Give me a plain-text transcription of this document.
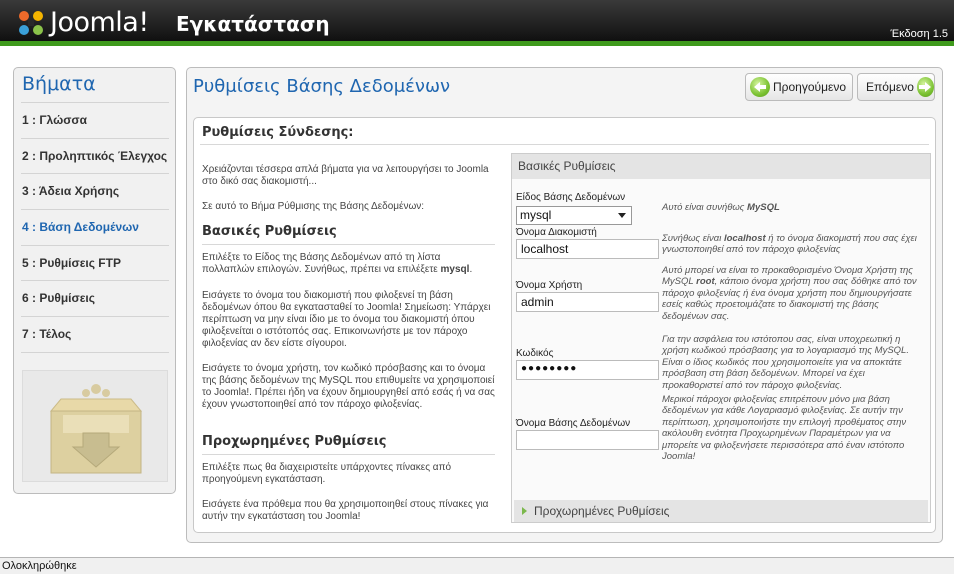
Joomla! Εγκατάσταση	Έκδοση 1.5
Βήματα
1 : Γλώσσα
2 : Προληπτικός Έλεγχος
3 : Άδεια Χρήσης
4 : Βάση Δεδομένων
5 : Ρυθμίσεις FTP
6 : Ρυθμίσεις
7 : Τέλος
Ρυθμίσεις Βάσης Δεδομένων	Προηγούμενο Επόμενο
Ρυθμίσεις Σύνδεσης:
Χρειάζονται τέσσερα απλά βήματα για να λειτουργήσει το Joomla στο δικό σας διακομιστή...
Σε αυτό το Βήμα Ρύθμισης της Βάσης Δεδομένων:
Βασικές Ρυθμίσεις
Επιλέξτε το Είδος της Βάσης Δεδομένων από τη λίστα πολλαπλών επιλογών. Συνήθως, πρέπει να επιλέξετε mysql.
Εισάγετε το όνομα του διακομιστή που φιλοξενεί τη βάση δεδομένων όπου θα εγκατασταθεί το Joomla! Σημείωση: Υπάρχει περίπτωση να μην είναι ίδιο με το όνομα του διακομιστή όπου φιλοξενείται ο ιστότοπός σας. Επικοινωνήστε με τον πάροχο φιλοξενίας αν δεν είστε σίγουροι.
Εισάγετε το όνομα χρήστη, τον κωδικό πρόσβασης και το όνομα της βάσης δεδομένων της MySQL που επιθυμείτε να χρησιμοποιεί το Joomla!. Πρέπει ήδη να έχουν δημιουργηθεί από εσάς ή να σας έχουν γνωστοποιηθεί από τον πάροχο φιλοξενίας.
Προχωρημένες Ρυθμίσεις
Επιλέξτε πως θα διαχειριστείτε υπάρχοντες πίνακες από προηγούμενη εγκατάσταση.
Εισάγετε ένα πρόθεμα που θα χρησιμοποιηθεί στους πίνακες για αυτήν την εγκατάσταση του Joomla!
Βασικές Ρυθμίσεις
Είδος Βάσης Δεδομένων
mysql
Αυτό είναι συνήθως MySQL
Όνομα Διακομιστή
localhost
Συνήθως είναι localhost ή το όνομα διακομιστή που σας έχει γνωστοποιηθεί από τον πάροχο φιλοξενίας
Όνομα Χρήστη
admin
Αυτό μπορεί να είναι το προκαθορισμένο Όνομα Χρήστη της MySQL root, κάποιο όνομα χρήστη που σας δόθηκε από τον πάροχο φιλοξενίας ή ένα όνομα χρήστη που δημιουργήσατε εσείς καθώς προετοιμάζατε το διακομιστή της βάσης δεδομένων σας.
Κωδικός
●●●●●●●●
Για την ασφάλεια του ιστότοπου σας, είναι υποχρεωτική η χρήση κωδικού πρόσβασης για το λογαριασμό της MySQL. Είναι ο ίδιος κωδικός που χρησιμοποιείτε για να αποκτάτε πρόσβαση στη βάση δεδομένων. Μπορεί να έχει προκαθοριστεί από τον πάροχο φιλοξενίας.
Όνομα Βάσης Δεδομένων
Μερικοί πάροχοι φιλοξενίας επιτρέπουν μόνο μια βάση δεδομένων για κάθε Λογαριασμό φιλοξενίας. Σε αυτήν την περίπτωση, χρησιμοποιήστε την επιλογή προθέματος στην ακόλουθη ενότητα Προχωρημένων Παραμέτρων για να μπορείτε να φιλοξενήσετε περισσότερα από έναν ιστότοπο Joomla!
Προχωρημένες Ρυθμίσεις
Ολοκληρώθηκε
